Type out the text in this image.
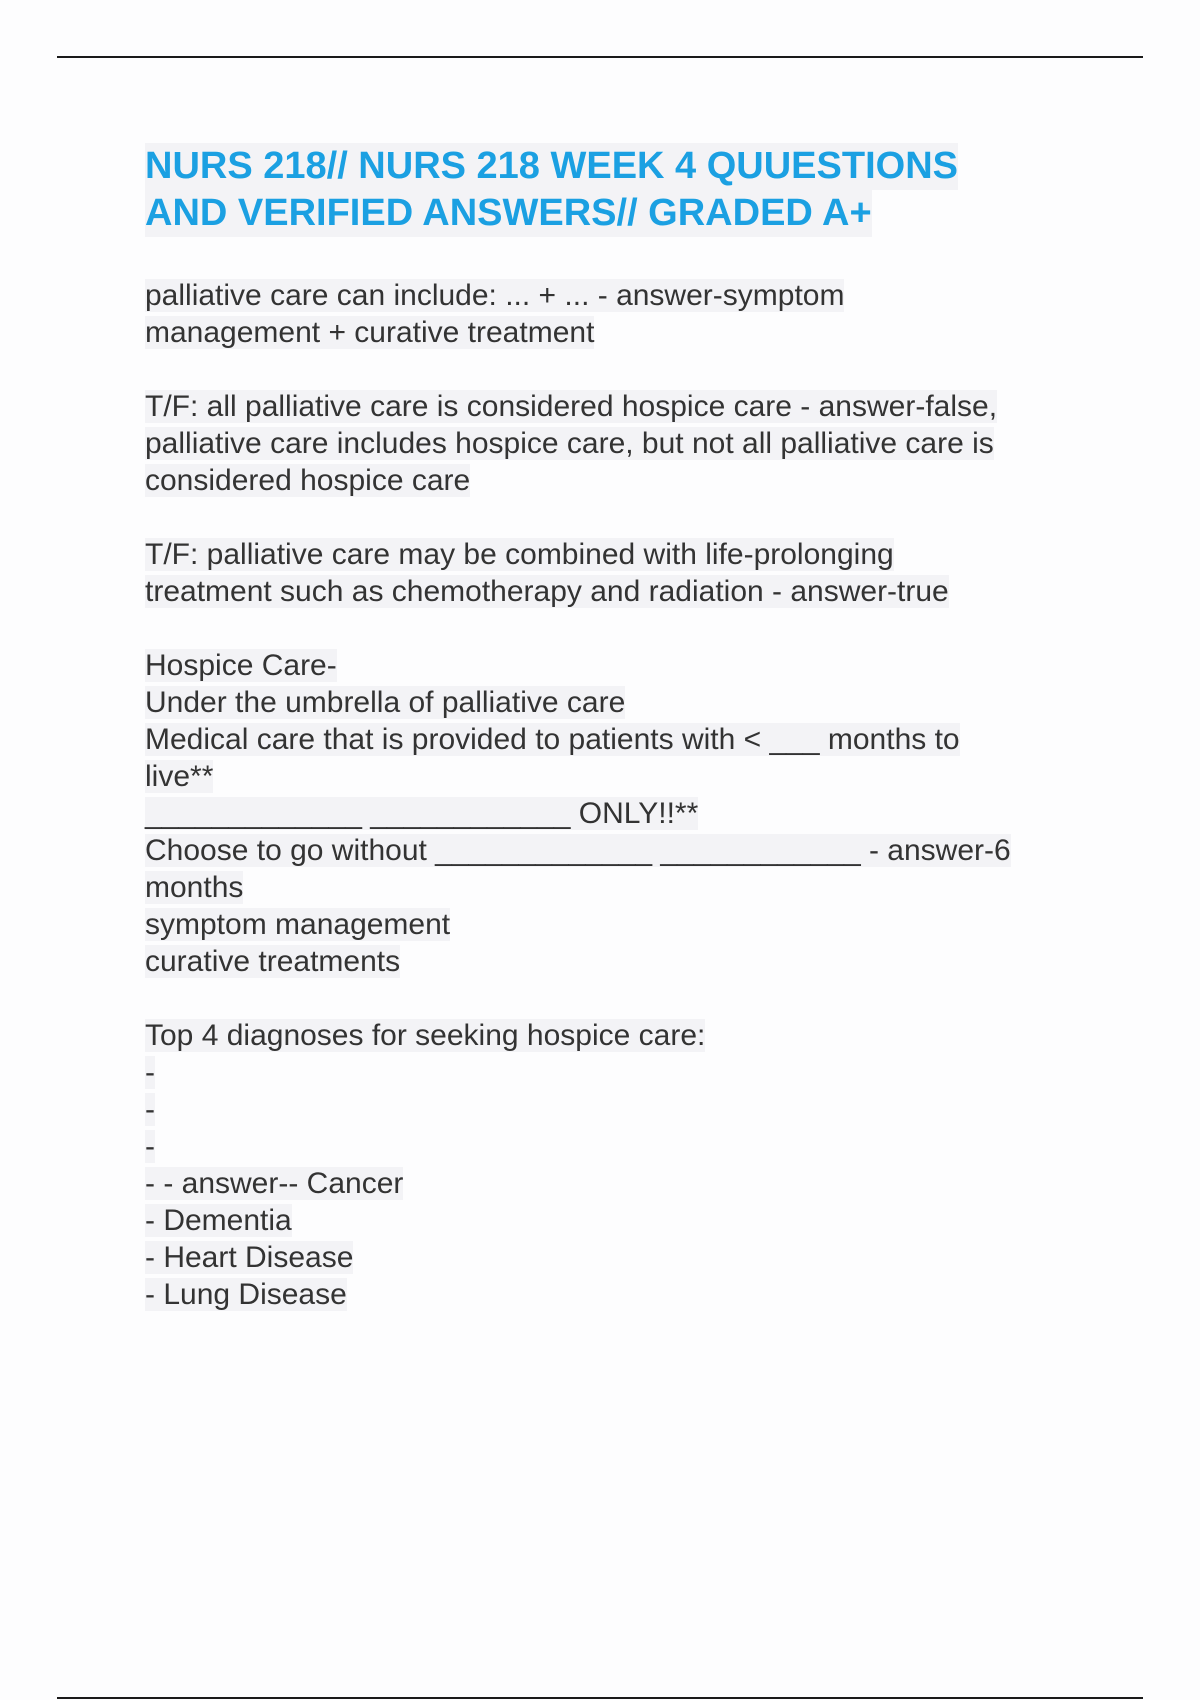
NURS 218// NURS 218 WEEK 4 QUUESTIONS
AND VERIFIED ANSWERS// GRADED A+
palliative care can include: ... + ... - answer-symptom
management + curative treatment
T/F: all palliative care is considered hospice care - answer-false,
palliative care includes hospice care, but not all palliative care is
considered hospice care
T/F: palliative care may be combined with life-prolonging
treatment such as chemotherapy and radiation - answer-true
Hospice Care-
Under the umbrella of palliative care
Medical care that is provided to patients with < ___ months to
live**
_____________ ____________ ONLY!!**
Choose to go without _____________ ____________ - answer-6
months
symptom management
curative treatments
Top 4 diagnoses for seeking hospice care:
-
-
-
- - answer-- Cancer
- Dementia
- Heart Disease
- Lung Disease
